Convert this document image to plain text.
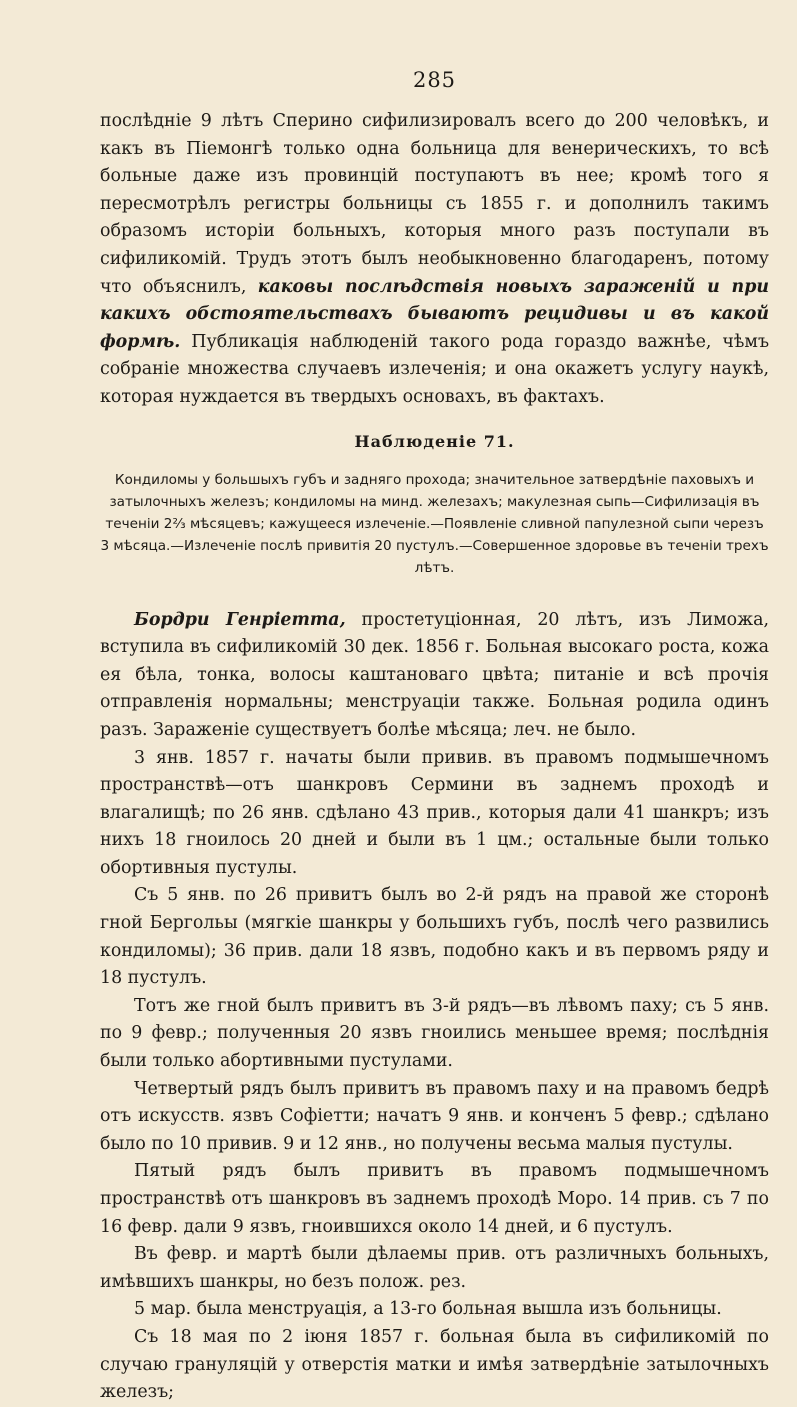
285

послѣдніе 9 лѣтъ Сперино сифилизировалъ всего до 200 человѣкъ, и какъ въ Піемонгѣ только одна больница для венерическихъ, то всѣ больные даже изъ провинцій поступаютъ въ нее; кромѣ того я пересмотрѣлъ регистры больницы съ 1855 г. и дополнилъ такимъ образомъ исторіи больныхъ, которыя много разъ поступали въ сифиликомій. Трудъ этотъ былъ необыкновенно благодаренъ, потому что объяснилъ, каковы послѣдствія новыхъ зараженій и при какихъ обстоятельствахъ бываютъ рецидивы и въ какой формѣ. Публикація наблюденій такого рода гораздо важнѣе, чѣмъ собраніе множества случаевъ излеченія; и она окажетъ услугу наукѣ, которая нуждается въ твердыхъ основахъ, въ фактахъ.

Наблюденіе 71.
Кондиломы у большыхъ губъ и задняго прохода; значительное затвердѣніе паховыхъ и затылочныхъ железъ; кондиломы на минд. железахъ; макулезная сыпь—Сифилизація въ теченіи 2⅔ мѣсяцевъ; кажущееся излеченіе.—Появленіе сливной папулезной сыпи черезъ 3 мѣсяца.—Излеченіе послѣ привитія 20 пустулъ.—Совершенное здоровье въ теченіи трехъ лѣтъ.

Бордри Генріетта, простетуціонная, 20 лѣтъ, изъ Лиможа, вступила въ сифиликомій 30 дек. 1856 г. Больная высокаго роста, кожа ея бѣла, тонка, волосы каштановаго цвѣта; питаніе и всѣ прочія отправленія нормальны; менструаціи также. Больная родила одинъ разъ. Зараженіе существуетъ болѣе мѣсяца; леч. не было.

3 янв. 1857 г. начаты были привив. въ правомъ подмышечномъ пространствѣ—отъ шанкровъ Сермини въ заднемъ проходѣ и влагалищѣ; по 26 янв. сдѣлано 43 прив., которыя дали 41 шанкръ; изъ нихъ 18 гноилось 20 дней и были въ 1 цм.; остальные были только обортивныя пустулы.

Съ 5 янв. по 26 привитъ былъ во 2-й рядъ на правой же сторонѣ гной Бергольы (мягкіе шанкры у большихъ губъ, послѣ чего развились кондиломы); 36 прив. дали 18 язвъ, подобно какъ и въ первомъ ряду и 18 пустулъ.

Тотъ же гной былъ привитъ въ 3-й рядъ—въ лѣвомъ паху; съ 5 янв. по 9 февр.; полученныя 20 язвъ гноились меньшее время; послѣднія были только абортивными пустулами.

Четвертый рядъ былъ привитъ въ правомъ паху и на правомъ бедрѣ отъ искусств. язвъ Софіетти; начатъ 9 янв. и конченъ 5 февр.; сдѣлано было по 10 привив. 9 и 12 янв., но получены весьма малыя пустулы.

Пятый рядъ былъ привитъ въ правомъ подмышечномъ пространствѣ отъ шанкровъ въ заднемъ проходѣ Моро. 14 прив. съ 7 по 16 февр. дали 9 язвъ, гноившихся около 14 дней, и 6 пустулъ.

Въ февр. и мартѣ были дѣлаемы прив. отъ различныхъ больныхъ, имѣвшихъ шанкры, но безъ полож. рез.

5 мар. была менструація, а 13-го больная вышла изъ больницы.

Съ 18 мая по 2 іюня 1857 г. больная была въ сифиликомій по случаю грануляцій у отверстія матки и имѣя затвердѣніе затылочныхъ железъ;
